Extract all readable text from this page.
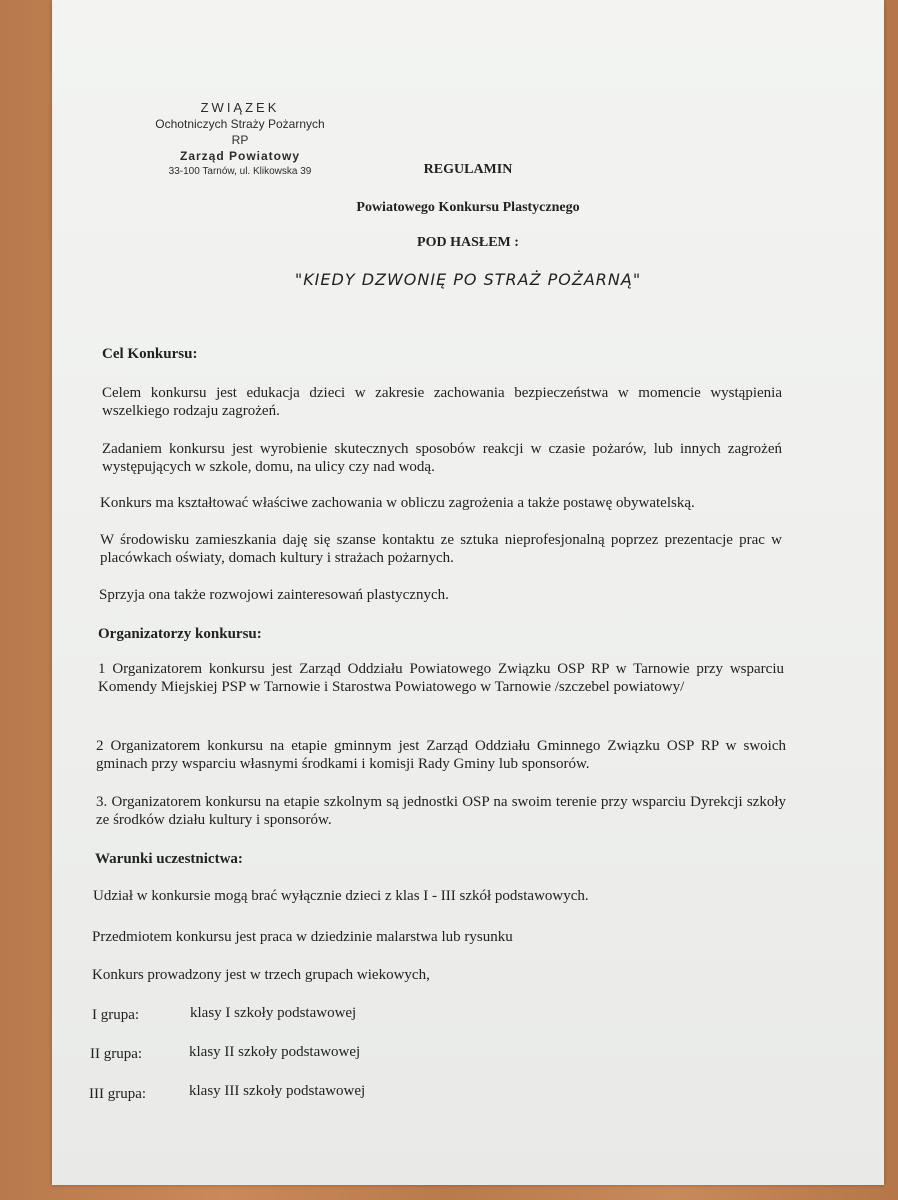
ZWIĄZEK
Ochotniczych Straży Pożarnych RP
Zarząd Powiatowy
33-100 Tarnów, ul. Klikowska 39	REGULAMIN
Powiatowego Konkursu Plastycznego
POD HASŁEM :
"KIEDY DZWONIĘ PO STRAŻ POŻARNĄ"

Cel Konkursu:

Celem konkursu jest edukacja dzieci w zakresie zachowania bezpieczeństwa w momencie wystąpienia wszelkiego rodzaju zagrożeń.

Zadaniem konkursu jest wyrobienie skutecznych sposobów reakcji w czasie pożarów, lub innych zagrożeń występujących w szkole, domu, na ulicy czy nad wodą.

Konkurs ma kształtować właściwe zachowania w obliczu zagrożenia a także postawę obywatelską.

W środowisku zamieszkania daję się szanse kontaktu ze sztuka nieprofesjonalną poprzez prezentacje prac w placówkach oświaty, domach kultury i strażach pożarnych.

Sprzyja ona także rozwojowi zainteresowań plastycznych.

Organizatorzy konkursu:

1 Organizatorem konkursu jest Zarząd Oddziału Powiatowego Związku OSP RP w Tarnowie przy wsparciu Komendy Miejskiej PSP w Tarnowie i Starostwa Powiatowego w Tarnowie /szczebel powiatowy/

2 Organizatorem konkursu na etapie gminnym jest Zarząd Oddziału Gminnego Związku OSP RP w swoich gminach przy wsparciu własnymi środkami i komisji Rady Gminy lub sponsorów.

3. Organizatorem konkursu na etapie szkolnym są jednostki OSP na swoim terenie przy wsparciu Dyrekcji szkoły ze środków działu kultury i sponsorów.

Warunki uczestnictwa:

Udział w konkursie mogą brać wyłącznie dzieci z klas I - III szkół podstawowych.

Przedmiotem konkursu jest praca w dziedzinie malarstwa lub rysunku

Konkurs prowadzony jest w trzech grupach wiekowych,

I grupa:	klasy I szkoły podstawowej

II grupa:	klasy II szkoły podstawowej

III grupa:	klasy III szkoły podstawowej
